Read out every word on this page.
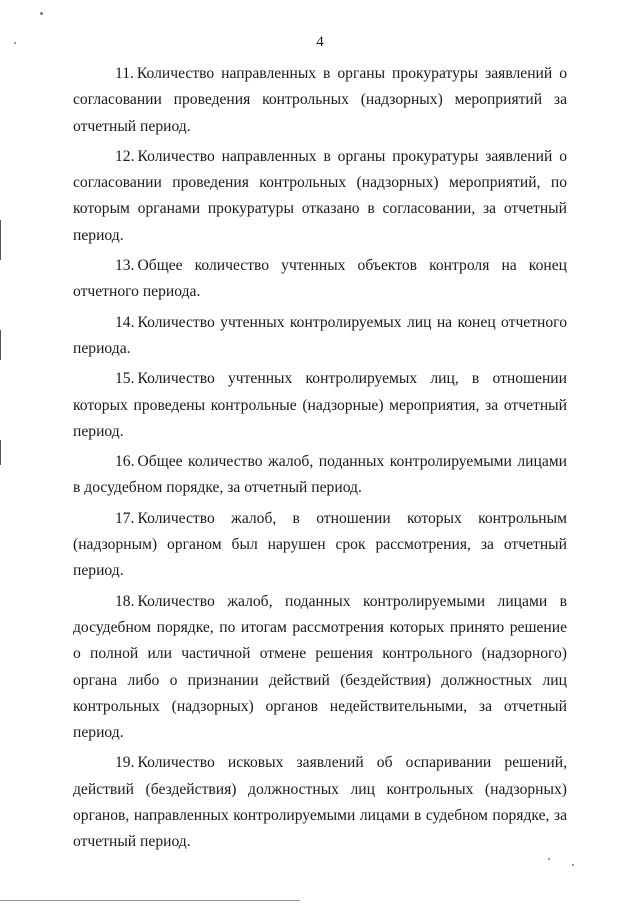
4

11. Количество направленных в органы прокуратуры заявлений о согласовании проведения контрольных (надзорных) мероприятий за отчетный период.

12. Количество направленных в органы прокуратуры заявлений о согласовании проведения контрольных (надзорных) мероприятий, по которым органами прокуратуры отказано в согласовании, за отчетный период.

13. Общее количество учтенных объектов контроля на конец отчетного периода.

14. Количество учтенных контролируемых лиц на конец отчетного периода.

15. Количество учтенных контролируемых лиц, в отношении которых проведены контрольные (надзорные) мероприятия, за отчетный период.

16. Общее количество жалоб, поданных контролируемыми лицами в досудебном порядке, за отчетный период.

17. Количество жалоб, в отношении которых контрольным (надзорным) органом был нарушен срок рассмотрения, за отчетный период.

18. Количество жалоб, поданных контролируемыми лицами в досудебном порядке, по итогам рассмотрения которых принято решение о полной или частичной отмене решения контрольного (надзорного) органа либо о признании действий (бездействия) должностных лиц контрольных (надзорных) органов недействительными, за отчетный период.

19. Количество исковых заявлений об оспаривании решений, действий (бездействия) должностных лиц контрольных (надзорных) органов, направленных контролируемыми лицами в судебном порядке, за отчетный период.
